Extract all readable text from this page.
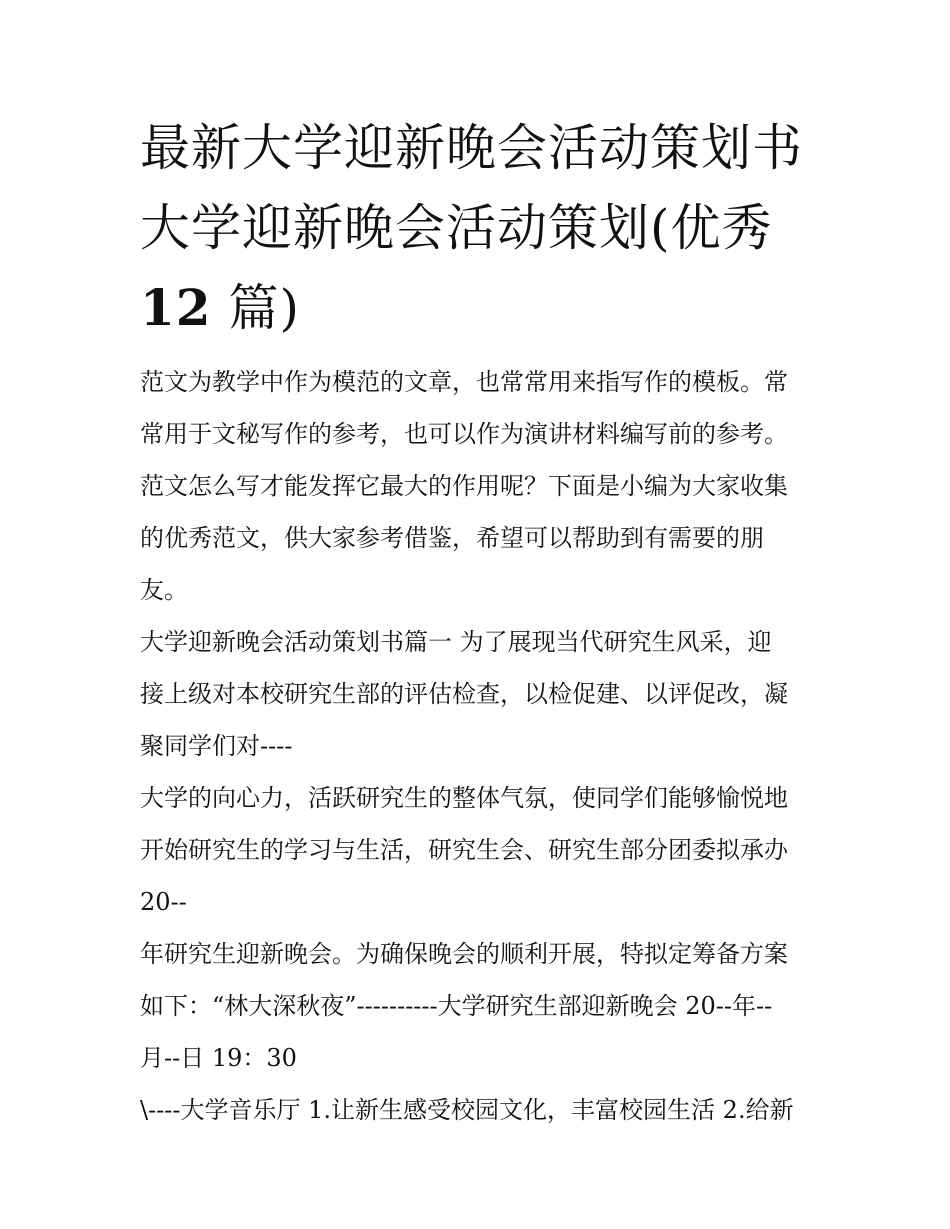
最新大学迎新晚会活动策划书
大学迎新晚会活动策划(优秀
12 篇)
范文为教学中作为模范的文章，也常常用来指写作的模板。常
常用于文秘写作的参考，也可以作为演讲材料编写前的参考。
范文怎么写才能发挥它最大的作用呢？下面是小编为大家收集
的优秀范文，供大家参考借鉴，希望可以帮助到有需要的朋
友。
大学迎新晚会活动策划书篇一 为了展现当代研究生风采，迎
接上级对本校研究生部的评估检查，以检促建、以评促改，凝
聚同学们对----
大学的向心力，活跃研究生的整体气氛，使同学们能够愉悦地
开始研究生的学习与生活，研究生会、研究生部分团委拟承办
20--
年研究生迎新晚会。为确保晚会的顺利开展，特拟定筹备方案
如下：“林大深秋夜”----------大学研究生部迎新晚会 20--年--
月--日 19：30
\----大学音乐厅 1.让新生感受校园文化，丰富校园生活 2.给新
